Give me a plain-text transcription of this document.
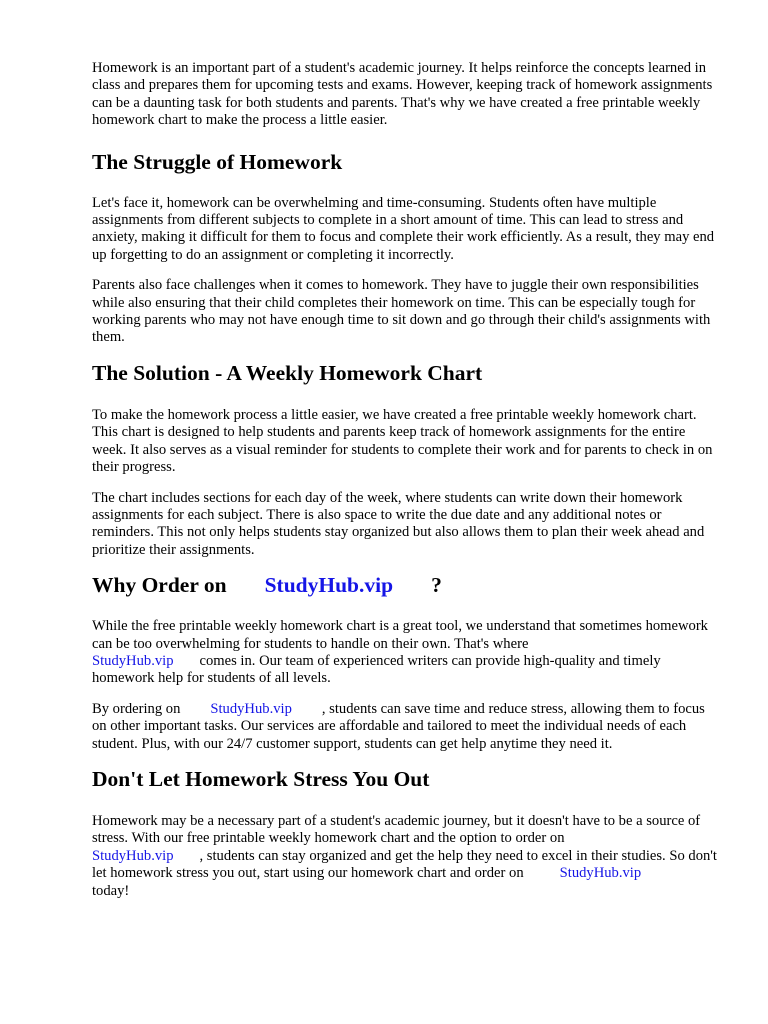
Homework is an important part of a student's academic journey. It helps reinforce the concepts learned in class and prepares them for upcoming tests and exams. However, keeping track of homework assignments can be a daunting task for both students and parents. That's why we have created a free printable weekly homework chart to make the process a little easier.

The Struggle of Homework

Let's face it, homework can be overwhelming and time-consuming. Students often have multiple assignments from different subjects to complete in a short amount of time. This can lead to stress and anxiety, making it difficult for them to focus and complete their work efficiently. As a result, they may end up forgetting to do an assignment or completing it incorrectly.

Parents also face challenges when it comes to homework. They have to juggle their own responsibilities while also ensuring that their child completes their homework on time. This can be especially tough for working parents who may not have enough time to sit down and go through their child's assignments with them.

The Solution - A Weekly Homework Chart

To make the homework process a little easier, we have created a free printable weekly homework chart. This chart is designed to help students and parents keep track of homework assignments for the entire week. It also serves as a visual reminder for students to complete their work and for parents to check in on their progress.

The chart includes sections for each day of the week, where students can write down their homework assignments for each subject. There is also space to write the due date and any additional notes or reminders. This not only helps students stay organized but also allows them to plan their week ahead and prioritize their assignments.

Why Order on StudyHub.vip ?

While the free printable weekly homework chart is a great tool, we understand that sometimes homework can be too overwhelming for students to handle on their own. That's where
StudyHub.vip comes in. Our team of experienced writers can provide high-quality and timely homework help for students of all levels.

By ordering on StudyHub.vip , students can save time and reduce stress, allowing them to focus on other important tasks. Our services are affordable and tailored to meet the individual needs of each student. Plus, with our 24/7 customer support, students can get help anytime they need it.

Don't Let Homework Stress You Out

Homework may be a necessary part of a student's academic journey, but it doesn't have to be a source of stress. With our free printable weekly homework chart and the option to order on
StudyHub.vip , students can stay organized and get the help they need to excel in their studies. So don't let homework stress you out, start using our homework chart and order on StudyHub.vip
today!
